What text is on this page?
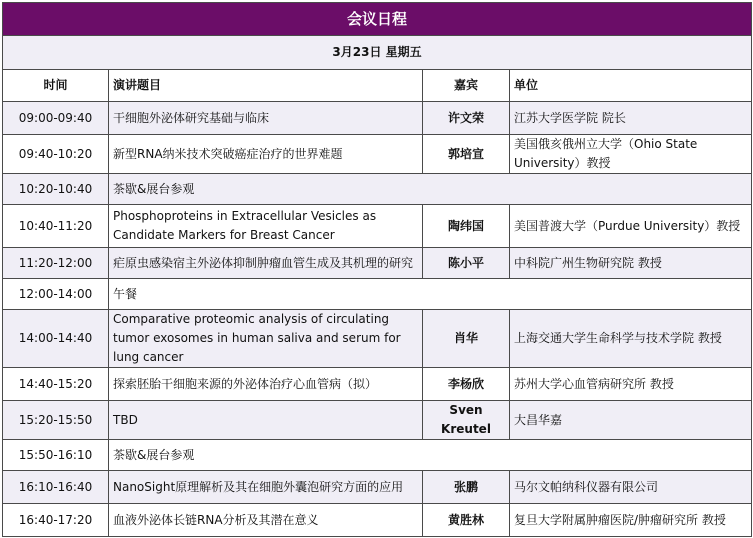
会议日程			
3月23日 星期五			
时间	演讲题目	嘉宾	单位
09:00-09:40	干细胞外泌体研究基础与临床	许文荣	江苏大学医学院 院长
09:40-10:20	新型RNA纳米技术突破癌症治疗的世界难题	郭培宣	美国俄亥俄州立大学（Ohio State University）教授
10:20-10:40	茶歇&展台参观		
10:40-11:20	Phosphoproteins in Extracellular Vesicles as Candidate Markers for Breast Cancer	陶纬国	美国普渡大学（Purdue University）教授
11:20-12:00	疟原虫感染宿主外泌体抑制肿瘤血管生成及其机理的研究	陈小平	中科院广州生物研究院 教授
12:00-14:00	午餐		
14:00-14:40	Comparative proteomic analysis of circulating tumor exosomes in human saliva and serum for lung cancer	肖华	上海交通大学生命科学与技术学院 教授
14:40-15:20	探索胚胎干细胞来源的外泌体治疗心血管病（拟）	李杨欣	苏州大学心血管病研究所 教授
15:20-15:50	TBD	Sven Kreutel	大昌华嘉
15:50-16:10	茶歇&展台参观		
16:10-16:40	NanoSight原理解析及其在细胞外囊泡研究方面的应用	张鹏	马尔文帕纳科仪器有限公司
16:40-17:20	血液外泌体长链RNA分析及其潜在意义	黄胜林	复旦大学附属肿瘤医院/肿瘤研究所 教授
